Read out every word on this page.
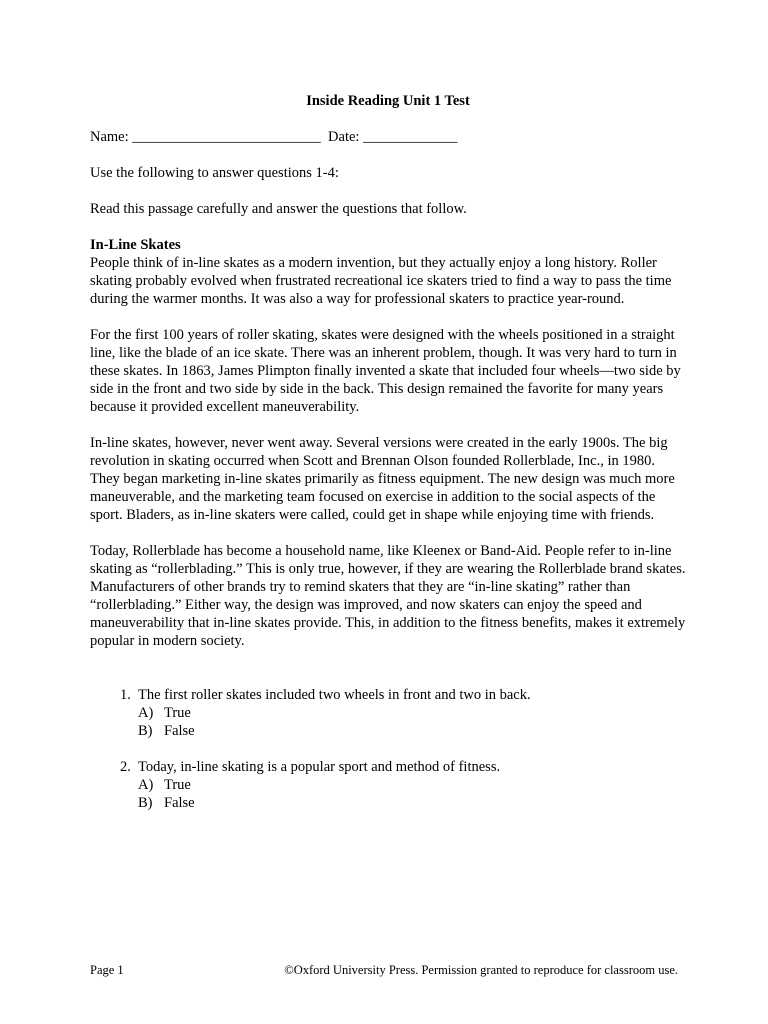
Inside Reading Unit 1 Test

Name: __________________________ Date: _____________

Use the following to answer questions 1-4:

Read this passage carefully and answer the questions that follow.

In-Line Skates

People think of in-line skates as a modern invention, but they actually enjoy a long history. Roller skating probably evolved when frustrated recreational ice skaters tried to find a way to pass the time during the warmer months. It was also a way for professional skaters to practice year-round.

For the first 100 years of roller skating, skates were designed with the wheels positioned in a straight line, like the blade of an ice skate. There was an inherent problem, though. It was very hard to turn in these skates. In 1863, James Plimpton finally invented a skate that included four wheels—two side by side in the front and two side by side in the back. This design remained the favorite for many years because it provided excellent maneuverability.

In-line skates, however, never went away. Several versions were created in the early 1900s. The big revolution in skating occurred when Scott and Brennan Olson founded Rollerblade, Inc., in 1980. They began marketing in-line skates primarily as fitness equipment. The new design was much more maneuverable, and the marketing team focused on exercise in addition to the social aspects of the sport. Bladers, as in-line skaters were called, could get in shape while enjoying time with friends.

Today, Rollerblade has become a household name, like Kleenex or Band-Aid. People refer to in-line skating as “rollerblading.” This is only true, however, if they are wearing the Rollerblade brand skates. Manufacturers of other brands try to remind skaters that they are “in-line skating” rather than “rollerblading.” Either way, the design was improved, and now skaters can enjoy the speed and maneuverability that in-line skates provide. This, in addition to the fitness benefits, makes it extremely popular in modern society.

1. The first roller skates included two wheels in front and two in back.
A) True
B) False
2. Today, in-line skating is a popular sport and method of fitness.
A) True
B) False
Page 1	©Oxford University Press. Permission granted to reproduce for classroom use.
